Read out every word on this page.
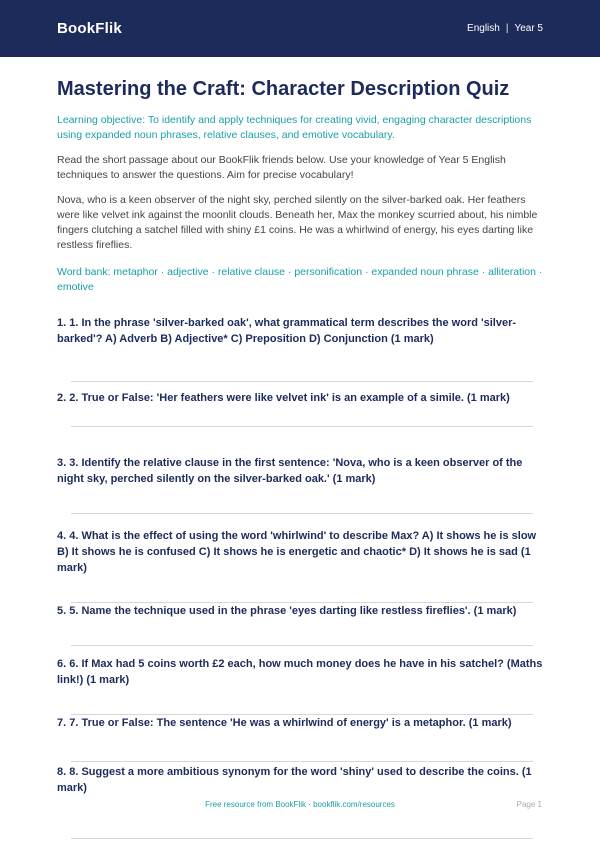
BookFlik	English | Year 5
Mastering the Craft: Character Description Quiz
Learning objective: To identify and apply techniques for creating vivid, engaging character descriptions using expanded noun phrases, relative clauses, and emotive vocabulary.
Read the short passage about our BookFlik friends below. Use your knowledge of Year 5 English techniques to answer the questions. Aim for precise vocabulary!
Nova, who is a keen observer of the night sky, perched silently on the silver-barked oak. Her feathers were like velvet ink against the moonlit clouds. Beneath her, Max the monkey scurried about, his nimble fingers clutching a satchel filled with shiny £1 coins. He was a whirlwind of energy, his eyes darting like restless fireflies.
Word bank: metaphor · adjective · relative clause · personification · expanded noun phrase · alliteration · emotive
1. 1. In the phrase 'silver-barked oak', what grammatical term describes the word 'silver-barked'? A) Adverb B) Adjective* C) Preposition D) Conjunction (1 mark)
2. 2. True or False: 'Her feathers were like velvet ink' is an example of a simile. (1 mark)
3. 3. Identify the relative clause in the first sentence: 'Nova, who is a keen observer of the night sky, perched silently on the silver-barked oak.' (1 mark)
4. 4. What is the effect of using the word 'whirlwind' to describe Max? A) It shows he is slow B) It shows he is confused C) It shows he is energetic and chaotic* D) It shows he is sad (1 mark)
5. 5. Name the technique used in the phrase 'eyes darting like restless fireflies'. (1 mark)
6. 6. If Max had 5 coins worth £2 each, how much money does he have in his satchel? (Maths link!) (1 mark)
7. 7. True or False: The sentence 'He was a whirlwind of energy' is a metaphor. (1 mark)
8. 8. Suggest a more ambitious synonym for the word 'shiny' used to describe the coins. (1 mark)
Free resource from BookFlik · bookflik.com/resources	Page 1
